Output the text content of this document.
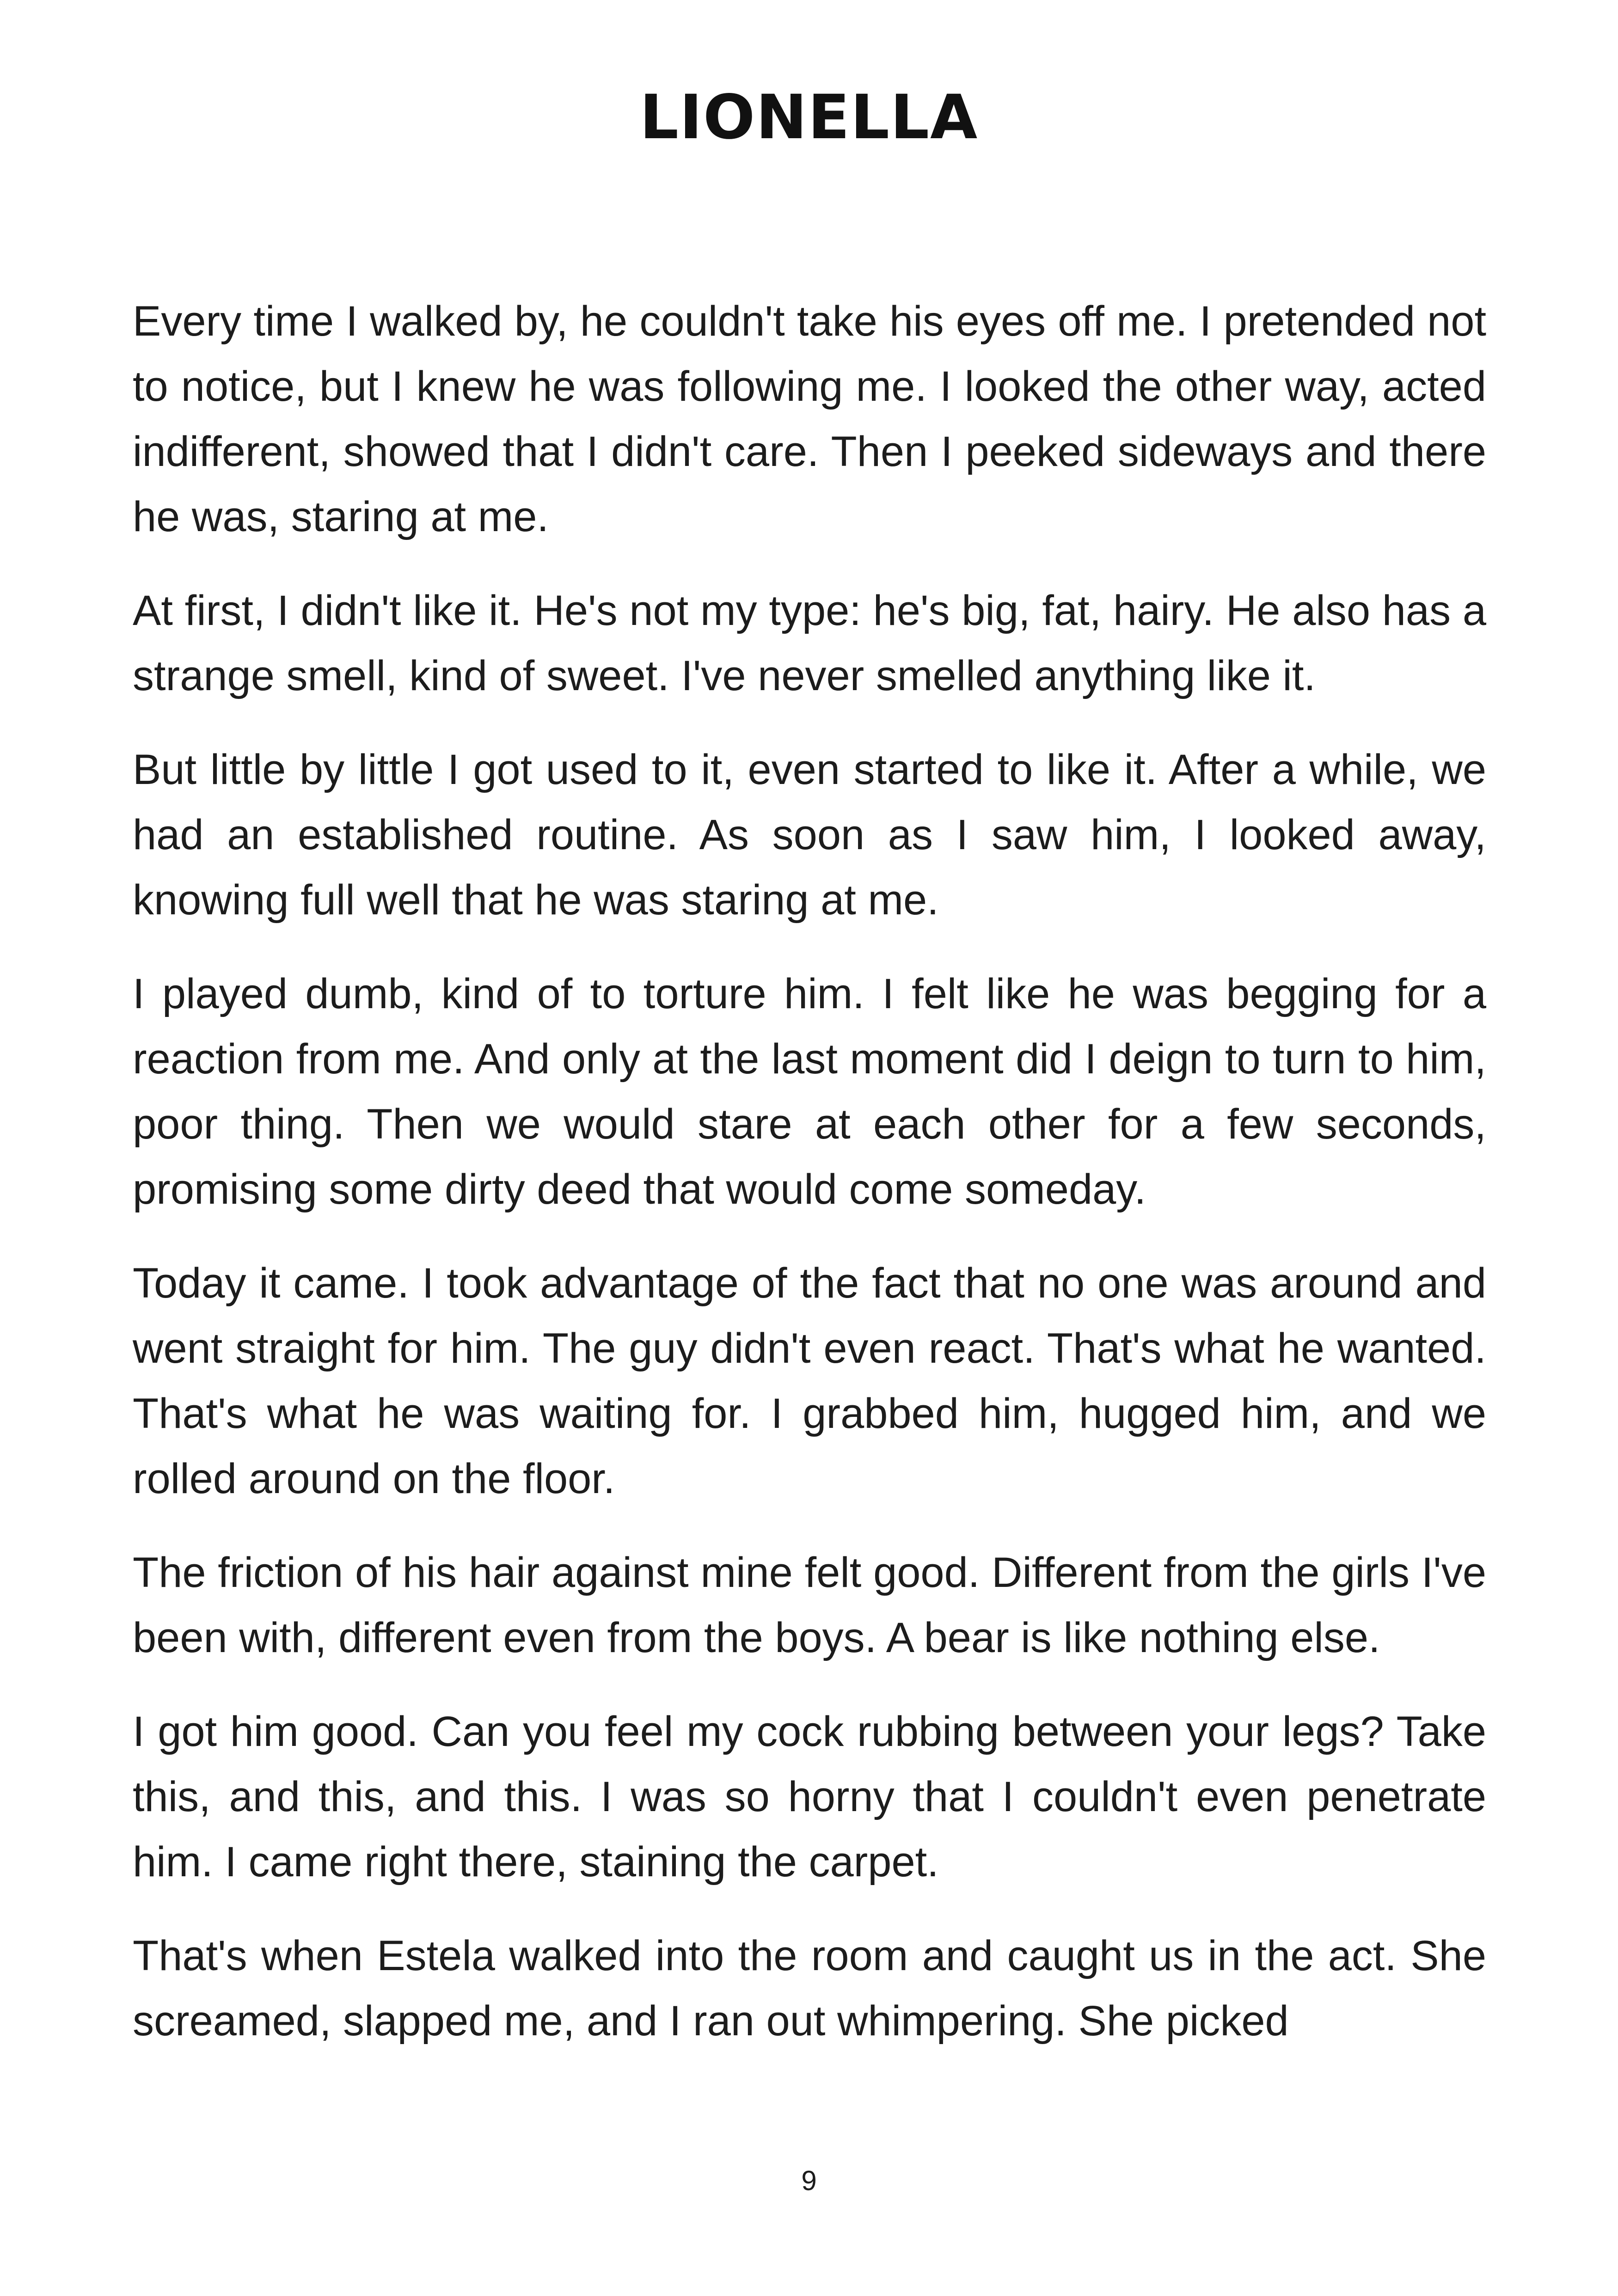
LIONELLA

Every time I walked by, he couldn't take his eyes off me. I pretended not to notice, but I knew he was following me. I looked the other way, acted indifferent, showed that I didn't care. Then I peeked sideways and there he was, staring at me.

At first, I didn't like it. He's not my type: he's big, fat, hairy. He also has a strange smell, kind of sweet. I've never smelled anything like it.

But little by little I got used to it, even started to like it. After a while, we had an established routine. As soon as I saw him, I looked away, knowing full well that he was staring at me.

I played dumb, kind of to torture him. I felt like he was begging for a reaction from me. And only at the last moment did I deign to turn to him, poor thing. Then we would stare at each other for a few seconds, promising some dirty deed that would come someday.

Today it came. I took advantage of the fact that no one was around and went straight for him. The guy didn't even react. That's what he wanted. That's what he was waiting for. I grabbed him, hugged him, and we rolled around on the floor.

The friction of his hair against mine felt good. Different from the girls I've been with, different even from the boys. A bear is like nothing else.

I got him good. Can you feel my cock rubbing between your legs? Take this, and this, and this. I was so horny that I couldn't even penetrate him. I came right there, staining the carpet.

That's when Estela walked into the room and caught us in the act. She screamed, slapped me, and I ran out whimpering. She picked

9
